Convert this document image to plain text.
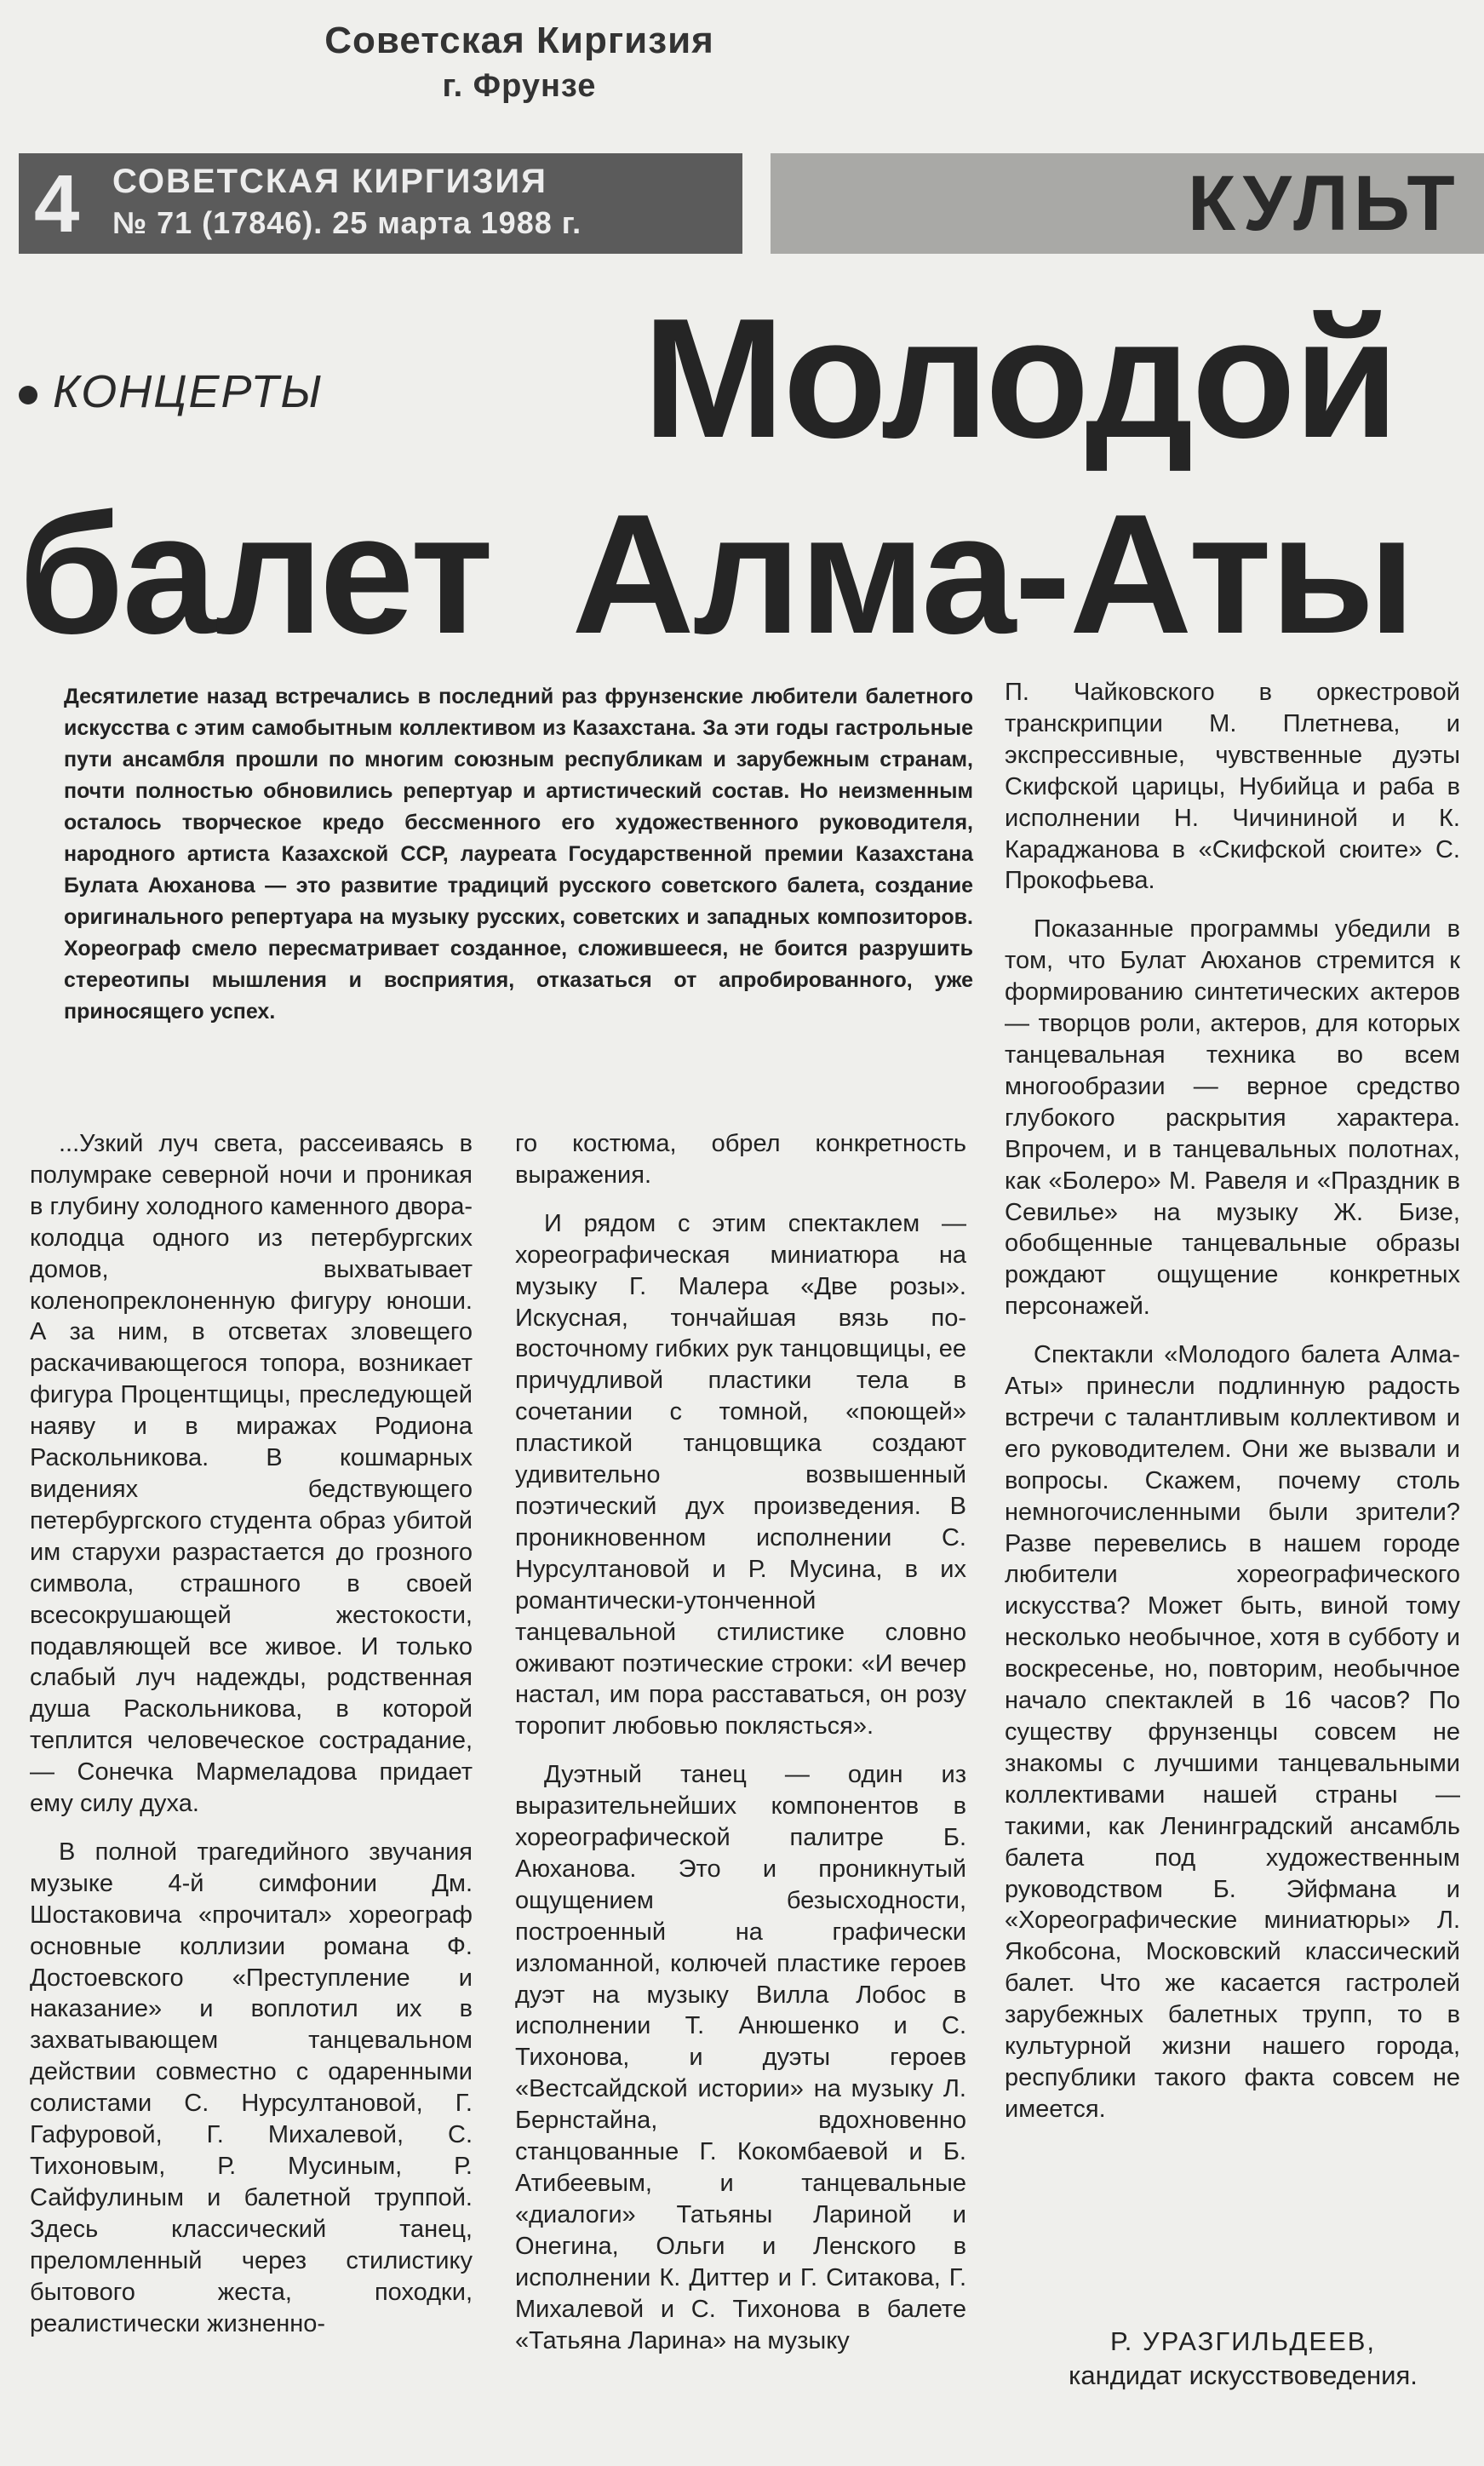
Советская Киргизия
г. Фрунзе
4 СОВЕТСКАЯ КИРГИЗИЯ
№ 71 (17846). 25 марта 1988 г.	КУЛЬТ
КОНЦЕРТЫ Молодой
балет Алма-Аты
Десятилетие назад встречались в последний раз фрунзенские любители балетного искусства с этим самобытным коллективом из Казахстана. За эти годы гастрольные пути ансамбля прошли по многим союзным республикам и зарубежным странам, почти полностью обновились репертуар и артистический состав. Но неизменным осталось творческое кредо бессменного его художественного руководителя, народного артиста Казахской ССР, лауреата Государственной премии Казахстана Булата Аюханова — это развитие традиций русского советского балета, создание оригинального репертуара на музыку русских, советских и западных композиторов. Хореограф смело пересматривает созданное, сложившееся, не боится разрушить стереотипы мышления и восприятия, отказаться от апробированного, уже приносящего успех.

...Узкий луч света, рассеиваясь в полумраке северной ночи и проникая в глубину холодного каменного двора-колодца одного из петербургских домов, выхватывает коленопреклоненную фигуру юноши. А за ним, в отсветах зловещего раскачивающегося топора, возникает фигура Процентщицы, преследующей наяву и в миражах Родиона Раскольникова. В кошмарных видениях бедствующего петербургского студента образ убитой им старухи разрастается до грозного символа, страшного в своей всесокрушающей жестокости, подавляющей все живое. И только слабый луч надежды, родственная душа Раскольникова, в которой теплится человеческое сострадание, — Сонечка Мармеладова придает ему силу духа.

В полной трагедийного звучания музыке 4-й симфонии Дм. Шостаковича «прочитал» хореограф основные коллизии романа Ф. Достоевского «Преступление и наказание» и воплотил их в захватывающем танцевальном действии совместно с одаренными солистами С. Нурсултановой, Г. Гафуровой, Г. Михалевой, С. Тихоновым, Р. Мусиным, Р. Сайфулиным и балетной труппой. Здесь классический танец, преломленный через стилистику бытового жеста, походки, реалистически жизненно-

го костюма, обрел конкретность выражения.

И рядом с этим спектаклем — хореографическая миниатюра на музыку Г. Малера «Две розы». Искусная, тончайшая вязь по-восточному гибких рук танцовщицы, ее причудливой пластики тела в сочетании с томной, «поющей» пластикой танцовщика создают удивительно возвышенный поэтический дух произведения. В проникновенном исполнении С. Нурсултановой и Р. Мусина, в их романтически-утонченной танцевальной стилистике словно оживают поэтические строки: «И вечер настал, им пора расставаться, он розу торопит любовью поклясться».

Дуэтный танец — один из выразительнейших компонентов в хореографической палитре Б. Аюханова. Это и проникнутый ощущением безысходности, построенный на графически изломанной, колючей пластике героев дуэт на музыку Вилла Лобос в исполнении Т. Анюшенко и С. Тихонова, и дуэты героев «Вестсайдской истории» на музыку Л. Бернстайна, вдохновенно станцованные Г. Кокомбаевой и Б. Атибеевым, и танцевальные «диалоги» Татьяны Лариной и Онегина, Ольги и Ленского в исполнении К. Диттер и Г. Ситакова, Г. Михалевой и С. Тихонова в балете «Татьяна Ларина» на музыку

П. Чайковского в оркестровой транскрипции М. Плетнева, и экспрессивные, чувственные дуэты Скифской царицы, Нубийца и раба в исполнении Н. Чичининой и К. Караджанова в «Скифской сюите» С. Прокофьева.

Показанные программы убедили в том, что Булат Аюханов стремится к формированию синтетических актеров — творцов роли, актеров, для которых танцевальная техника во всем многообразии — верное средство глубокого раскрытия характера. Впрочем, и в танцевальных полотнах, как «Болеро» М. Равеля и «Праздник в Севилье» на музыку Ж. Бизе, обобщенные танцевальные образы рождают ощущение конкретных персонажей.

Спектакли «Молодого балета Алма-Аты» принесли подлинную радость встречи с талантливым коллективом и его руководителем. Они же вызвали и вопросы. Скажем, почему столь немногочисленными были зрители? Разве перевелись в нашем городе любители хореографического искусства? Может быть, виной тому несколько необычное, хотя в субботу и воскресенье, но, повторим, необычное начало спектаклей в 16 часов? По существу фрунзенцы совсем не знакомы с лучшими танцевальными коллективами нашей страны — такими, как Ленинградский ансамбль балета под художественным руководством Б. Эйфмана и «Хореографические миниатюры» Л. Якобсона, Московский классический балет. Что же касается гастролей зарубежных балетных трупп, то в культурной жизни нашего города, республики такого факта совсем не имеется.

Р. УРАЗГИЛЬДЕЕВ,
кандидат искусствоведения.
